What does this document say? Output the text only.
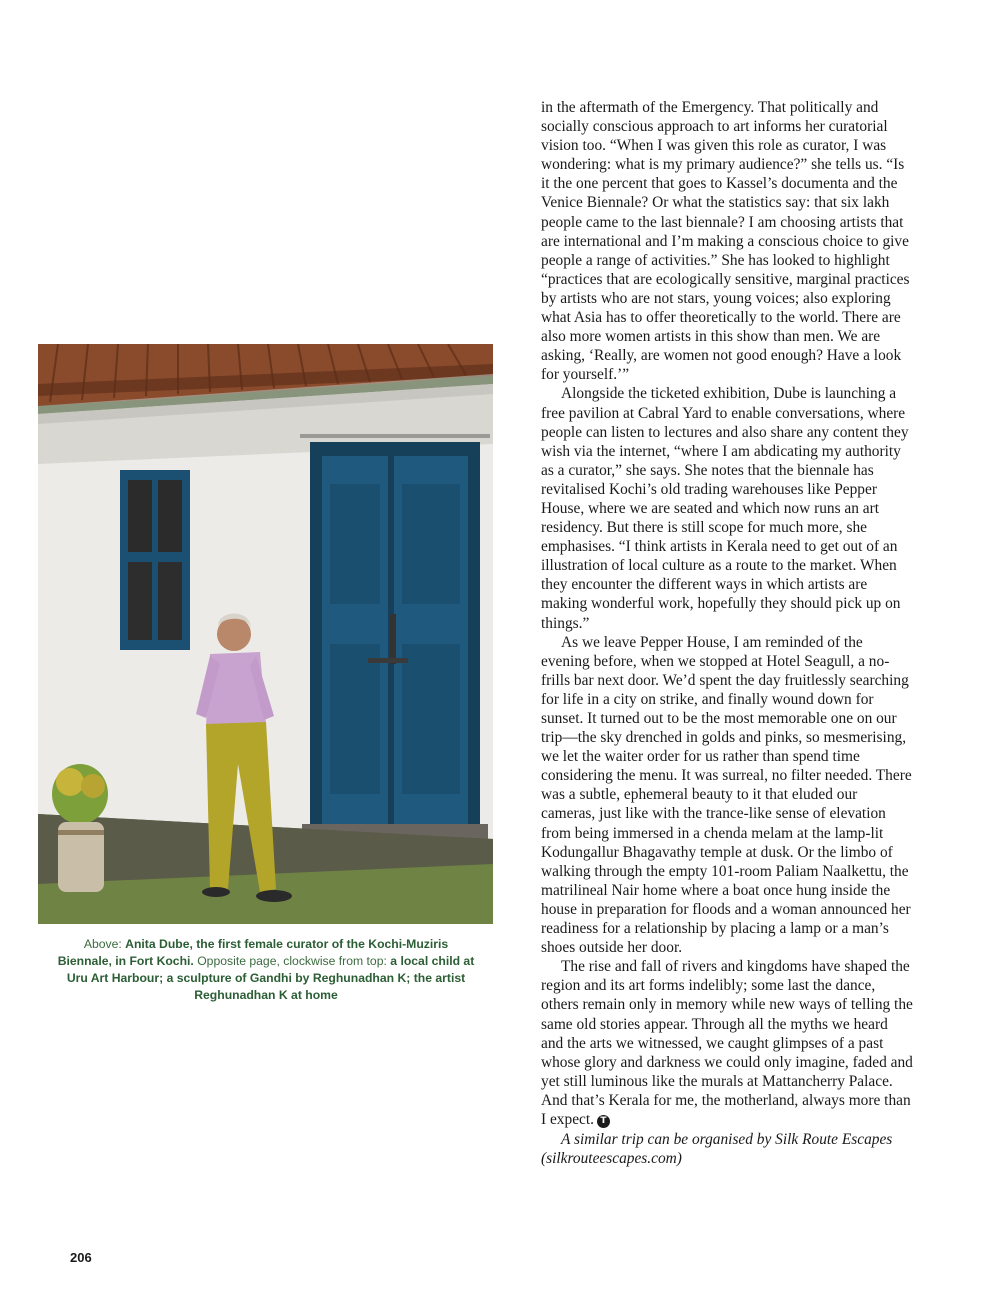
Above: Anita Dube, the first female curator of the Kochi-Muziris Biennale, in Fort Kochi. Opposite page, clockwise from top: a local child at Uru Art Harbour; a sculpture of Gandhi by Reghunadhan K; the artist Reghunadhan K at home

in the aftermath of the Emergency. That politically and socially conscious approach to art informs her curatorial vision too. “When I was given this role as curator, I was wondering: what is my primary audience?” she tells us. “Is it the one percent that goes to Kassel’s documenta and the Venice Biennale? Or what the statistics say: that six lakh people came to the last biennale? I am choosing artists that are international and I’m making a conscious choice to give people a range of activities.” She has looked to highlight “practices that are ecologically sensitive, marginal practices by artists who are not stars, young voices; also exploring what Asia has to offer theoretically to the world. There are also more women artists in this show than men. We are asking, ‘Really, are women not good enough? Have a look for yourself.’”

Alongside the ticketed exhibition, Dube is launching a free pavilion at Cabral Yard to enable conversations, where people can listen to lectures and also share any content they wish via the internet, “where I am abdicating my authority as a curator,” she says. She notes that the biennale has revitalised Kochi’s old trading warehouses like Pepper House, where we are seated and which now runs an art residency. But there is still scope for much more, she emphasises. “I think artists in Kerala need to get out of an illustration of local culture as a route to the market. When they encounter the different ways in which artists are making wonderful work, hopefully they should pick up on things.”

As we leave Pepper House, I am reminded of the evening before, when we stopped at Hotel Seagull, a no-frills bar next door. We’d spent the day fruitlessly searching for life in a city on strike, and finally wound down for sunset. It turned out to be the most memorable one on our trip—the sky drenched in golds and pinks, so mesmerising, we let the waiter order for us rather than spend time considering the menu. It was surreal, no filter needed. There was a subtle, ephemeral beauty to it that eluded our cameras, just like with the trance-like sense of elevation from being immersed in a chenda melam at the lamp-lit Kodungallur Bhagavathy temple at dusk. Or the limbo of walking through the empty 101-room Paliam Naalkettu, the matrilineal Nair home where a boat once hung inside the house in preparation for floods and a woman announced her readiness for a relationship by placing a lamp or a man’s shoes outside her door.

The rise and fall of rivers and kingdoms have shaped the region and its art forms indelibly; some last the dance, others remain only in memory while new ways of telling the same old stories appear. Through all the myths we heard and the arts we witnessed, we caught glimpses of a past whose glory and darkness we could only imagine, faded and yet still luminous like the murals at Mattancherry Palace. And that’s Kerala for me, the motherland, always more than I expect. T

A similar trip can be organised by Silk Route Escapes (silkrouteescapes.com)

206
